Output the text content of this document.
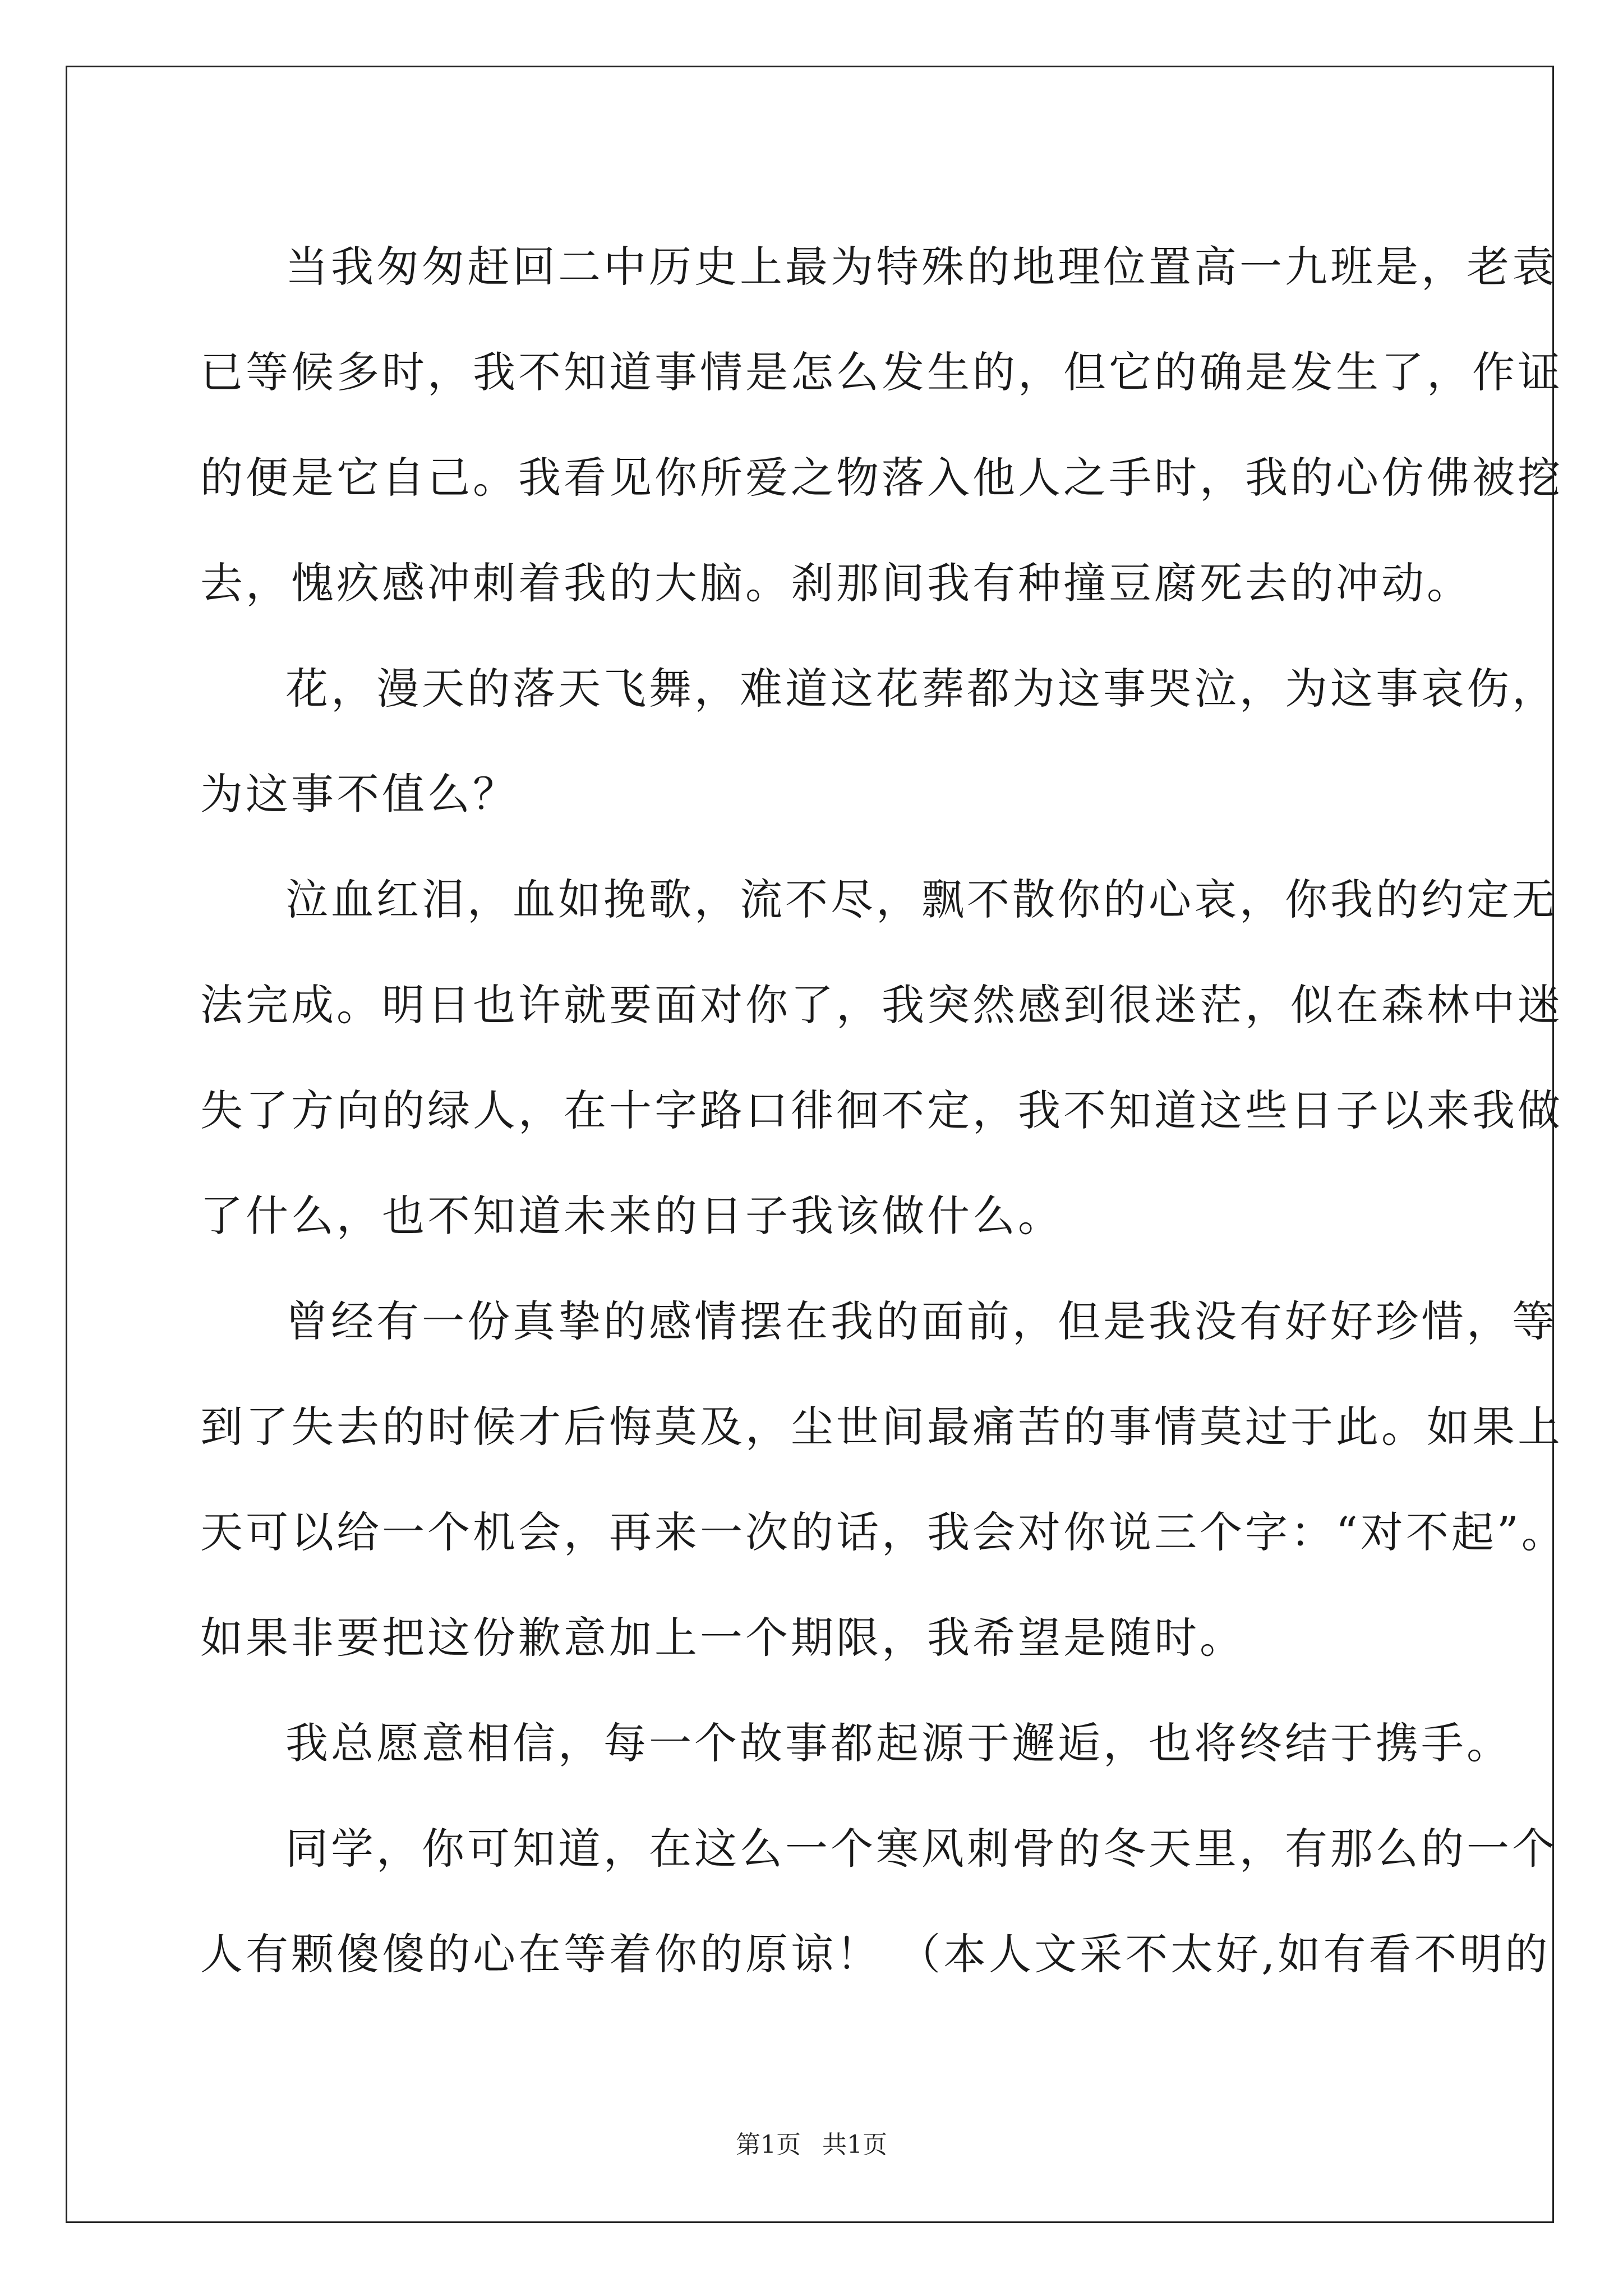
当我匆匆赶回二中历史上最为特殊的地理位置高一九班是，老袁
已等候多时，我不知道事情是怎么发生的，但它的确是发生了，作证
的便是它自己。我看见你所爱之物落入他人之手时，我的心仿佛被挖
去，愧疚感冲刺着我的大脑。刹那间我有种撞豆腐死去的冲动。
花，漫天的落天飞舞，难道这花葬都为这事哭泣，为这事哀伤，
为这事不值么？
泣血红泪，血如挽歌，流不尽，飘不散你的心哀，你我的约定无
法完成。明日也许就要面对你了，我突然感到很迷茫，似在森林中迷
失了方向的绿人，在十字路口徘徊不定，我不知道这些日子以来我做
了什么，也不知道未来的日子我该做什么。
曾经有一份真挚的感情摆在我的面前，但是我没有好好珍惜，等
到了失去的时候才后悔莫及，尘世间最痛苦的事情莫过于此。如果上
天可以给一个机会，再来一次的话，我会对你说三个字：“对不起”。
如果非要把这份歉意加上一个期限，我希望是随时。
我总愿意相信，每一个故事都起源于邂逅，也将终结于携手。
同学，你可知道，在这么一个寒风刺骨的冬天里，有那么的一个
人有颗傻傻的心在等着你的原谅！ （本人文采不太好,如有看不明的
第1页 共1页
